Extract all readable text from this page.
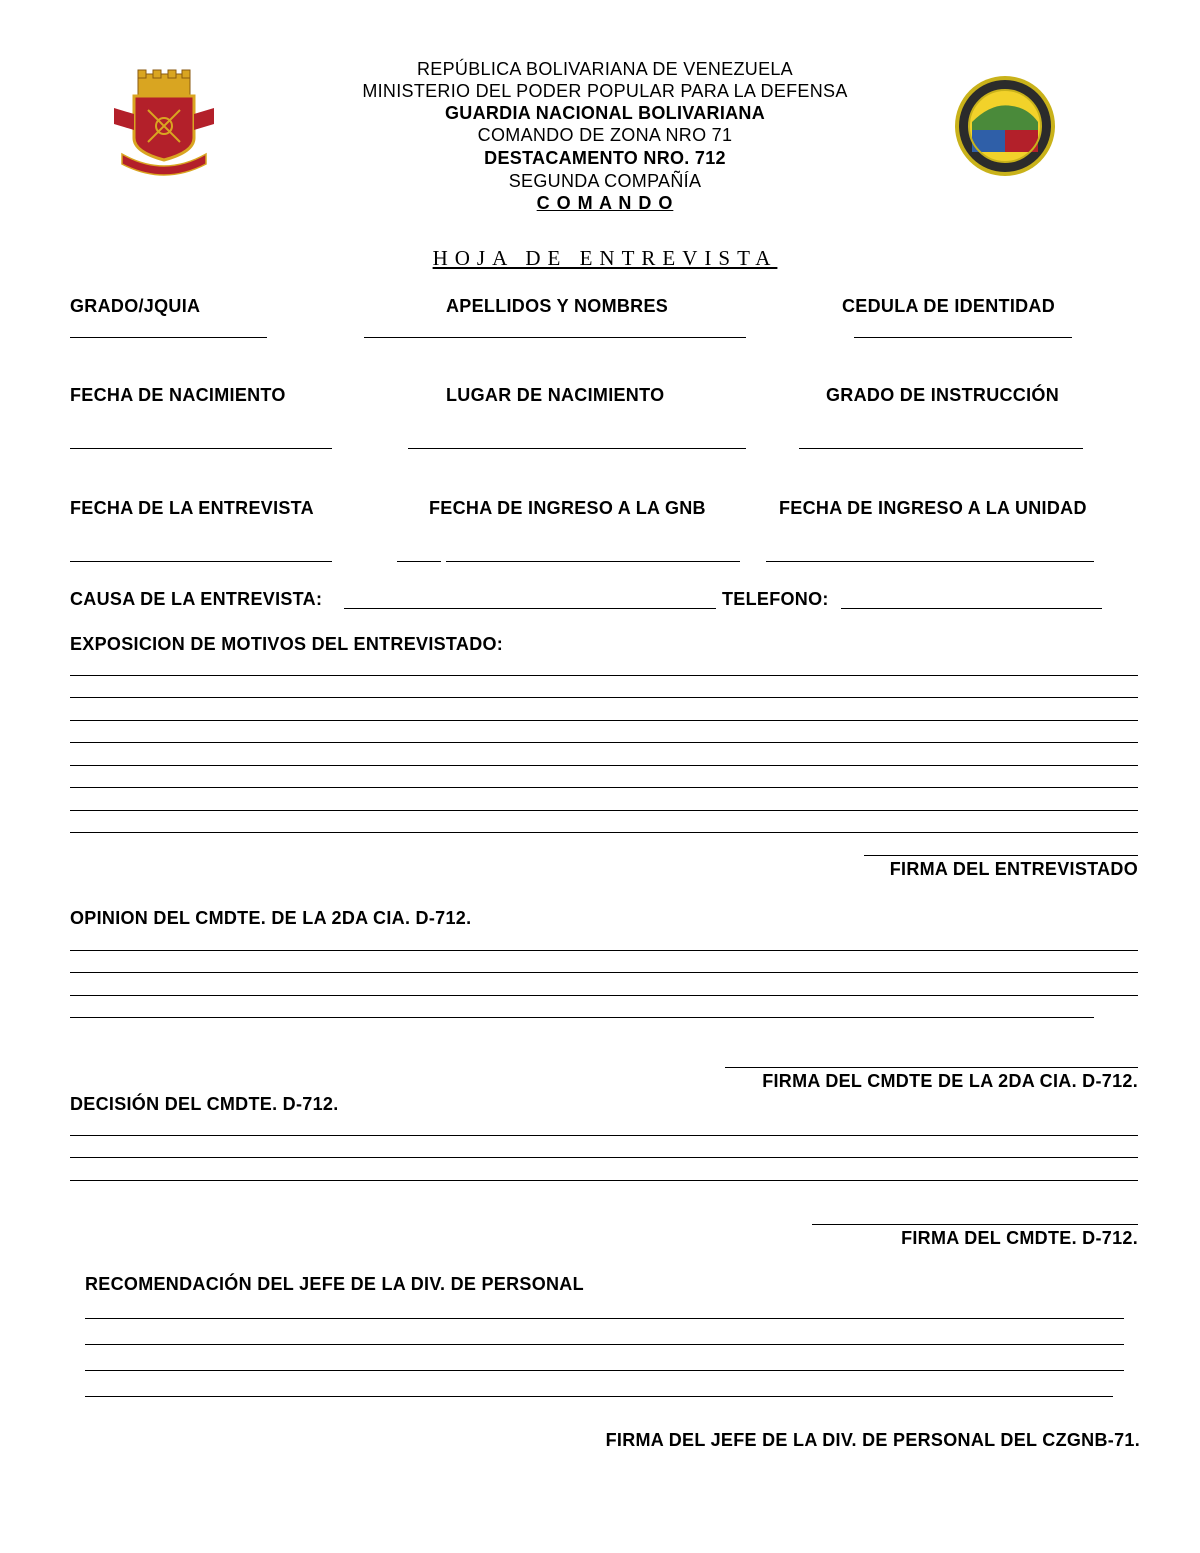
REPÚBLICA BOLIVARIANA DE VENEZUELA
MINISTERIO DEL PODER POPULAR PARA LA DEFENSA
GUARDIA NACIONAL BOLIVARIANA
COMANDO DE ZONA NRO 71
DESTACAMENTO NRO. 712
SEGUNDA COMPAÑÍA
C O M A N D O
HOJA DE ENTREVISTA
GRADO/JQUIA	APELLIDOS Y NOMBRES	CEDULA DE IDENTIDAD
FECHA DE NACIMIENTO	LUGAR DE NACIMIENTO	GRADO DE INSTRUCCIÓN
FECHA DE LA ENTREVISTA	FECHA DE INGRESO A LA GNB	FECHA DE INGRESO A LA UNIDAD
CAUSA DE LA ENTREVISTA:	TELEFONO:
EXPOSICION DE MOTIVOS DEL ENTREVISTADO:
FIRMA DEL ENTREVISTADO
OPINION DEL CMDTE. DE LA 2DA CIA. D-712.
FIRMA DEL CMDTE DE LA 2DA CIA. D-712.
DECISIÓN DEL CMDTE. D-712.
FIRMA DEL CMDTE. D-712.
RECOMENDACIÓN DEL JEFE DE LA DIV. DE PERSONAL
FIRMA DEL JEFE DE LA DIV. DE PERSONAL DEL CZGNB-71.
